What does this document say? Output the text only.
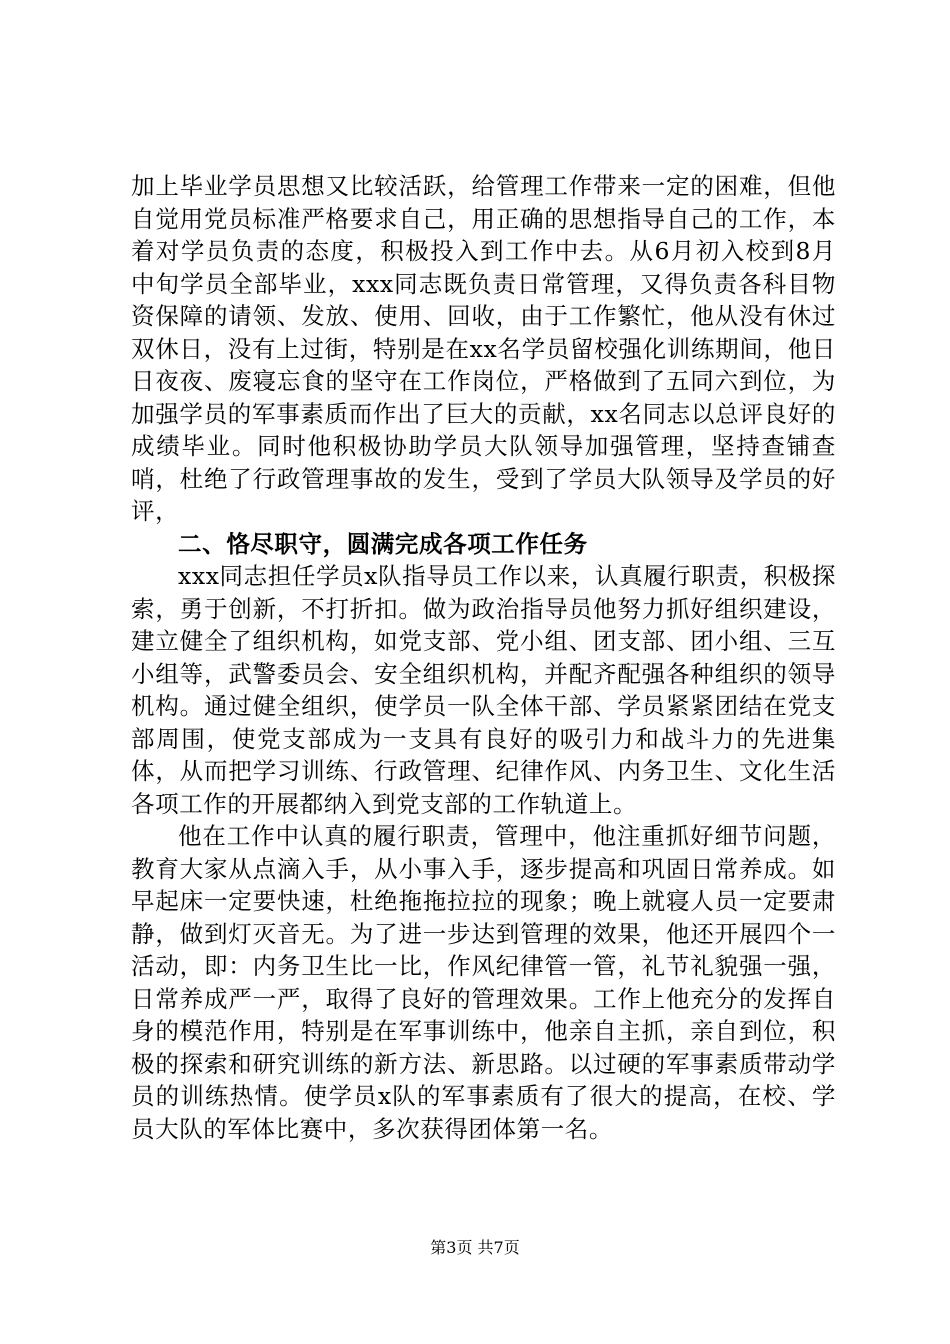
加上毕业学员思想又比较活跃，给管理工作带来一定的困难，但他自觉用党员标准严格要求自己，用正确的思想指导自己的工作，本着对学员负责的态度，积极投入到工作中去。从6月初入校到8月中旬学员全部毕业，xxx同志既负责日常管理，又得负责各科目物资保障的请领、发放、使用、回收，由于工作繁忙，他从没有休过双休日，没有上过街，特别是在xx名学员留校强化训练期间，他日日夜夜、废寝忘食的坚守在工作岗位，严格做到了五同六到位，为加强学员的军事素质而作出了巨大的贡献，xx名同志以总评良好的成绩毕业。同时他积极协助学员大队领导加强管理，坚持查铺查哨，杜绝了行政管理事故的发生，受到了学员大队领导及学员的好评，

二、恪尽职守，圆满完成各项工作任务

xxx同志担任学员x队指导员工作以来，认真履行职责，积极探索，勇于创新，不打折扣。做为政治指导员他努力抓好组织建设，建立健全了组织机构，如党支部、党小组、团支部、团小组、三互小组等，武警委员会、安全组织机构，并配齐配强各种组织的领导机构。通过健全组织，使学员一队全体干部、学员紧紧团结在党支部周围，使党支部成为一支具有良好的吸引力和战斗力的先进集体，从而把学习训练、行政管理、纪律作风、内务卫生、文化生活各项工作的开展都纳入到党支部的工作轨道上。

他在工作中认真的履行职责，管理中，他注重抓好细节问题，教育大家从点滴入手，从小事入手，逐步提高和巩固日常养成。如早起床一定要快速，杜绝拖拖拉拉的现象；晚上就寝人员一定要肃静，做到灯灭音无。为了进一步达到管理的效果，他还开展四个一活动，即：内务卫生比一比，作风纪律管一管，礼节礼貌强一强，日常养成严一严，取得了良好的管理效果。工作上他充分的发挥自身的模范作用，特别是在军事训练中，他亲自主抓，亲自到位，积极的探索和研究训练的新方法、新思路。以过硬的军事素质带动学员的训练热情。使学员x队的军事素质有了很大的提高，在校、学员大队的军体比赛中，多次获得团体第一名。

第3页 共7页
